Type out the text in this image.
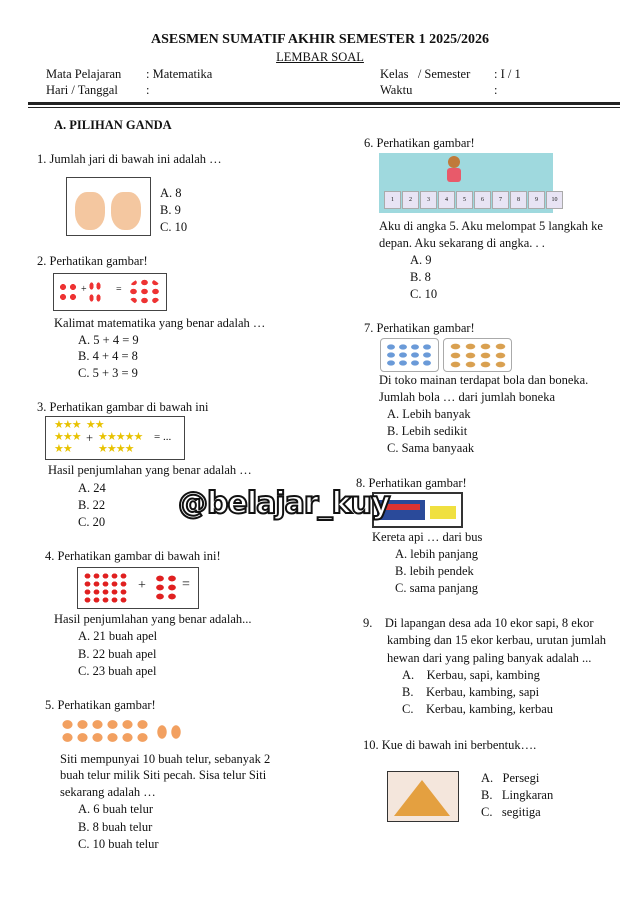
ASESMEN SUMATIF AKHIR SEMESTER 1 2025/2026
LEMBAR SOAL
Mata Pelajaran : Matematika
Hari / Tanggal :
Kelas   / Semester : I / 1
Waktu	:
A. PILIHAN GANDA
1. Jumlah jari di bawah ini adalah …
A. 8
B. 9
C. 10
2. Perhatikan gambar!
+	=
Kalimat matematika yang benar adalah …
A. 5 + 4 = 9
B. 4 + 4 = 8
C. 5 + 3 = 9
3. Perhatikan gambar di bawah ini
★★★   ★★
★★★
★★
+ ★★★★★
★★★★
= ...
Hasil penjumlahan yang benar adalah …
A. 24
B. 22
C. 20
4. Perhatikan gambar di bawah ini!
+	=
Hasil penjumlahan yang benar adalah...
A. 21 buah apel
B. 22 buah apel
C. 23 buah apel
5. Perhatikan gambar!
Siti mempunyai 10 buah telur, sebanyak 2
buah telur milik Siti pecah. Sisa telur Siti
sekarang adalah …
A. 6 buah telur
B. 8 buah telur
C. 10 buah telur
6. Perhatikan gambar!
1	2	3	4	5	6	7	8	9	10
Aku di angka 5. Aku melompat 5 langkah ke
depan. Aku sekarang di angka. . .
A. 9
B. 8
C. 10
7. Perhatikan gambar!
Di toko mainan terdapat bola dan boneka.
Jumlah bola … dari jumlah boneka
A. Lebih banyak
B. Lebih sedikit
C. Sama banyaak
8. Perhatikan gambar!
Kereta api … dari bus
A. lebih panjang
B. lebih pendek
C. sama panjang
9.    Di lapangan desa ada 10 ekor sapi, 8 ekor
kambing dan 15 ekor kerbau, urutan jumlah
hewan dari yang paling banyak adalah ...
A.    Kerbau, sapi, kambing
B.    Kerbau, kambing, sapi
C.    Kerbau, kambing, kerbau
10. Kue di bawah ini berbentuk….
A.   Persegi
B.   Lingkaran
C.   segitiga
@belajar_kuy
